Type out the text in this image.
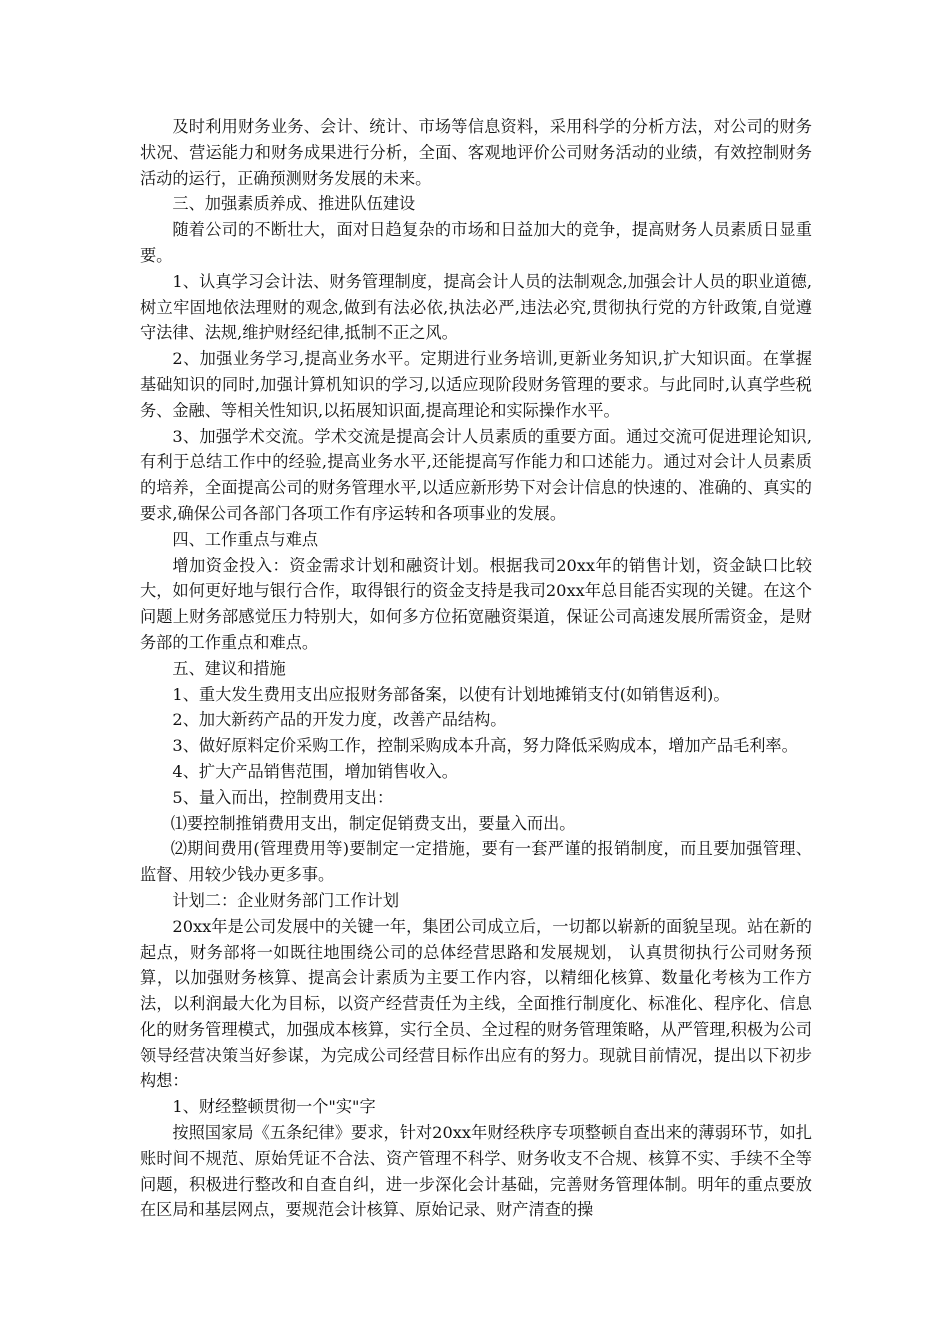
及时利用财务业务、会计、统计、市场等信息资料，采用科学的分析方法，对公司的财务状况、营运能力和财务成果进行分析，全面、客观地评价公司财务活动的业绩，有效控制财务活动的运行，正确预测财务发展的未来。

三、加强素质养成、推进队伍建设

随着公司的不断壮大，面对日趋复杂的市场和日益加大的竞争，提高财务人员素质日显重要。

1、认真学习会计法、财务管理制度，提高会计人员的法制观念,加强会计人员的职业道德,树立牢固地依法理财的观念,做到有法必依,执法必严,违法必究,贯彻执行党的方针政策,自觉遵守法律、法规,维护财经纪律,抵制不正之风。

2、加强业务学习,提高业务水平。定期进行业务培训,更新业务知识,扩大知识面。在掌握基础知识的同时,加强计算机知识的学习,以适应现阶段财务管理的要求。与此同时,认真学些税务、金融、等相关性知识,以拓展知识面,提高理论和实际操作水平。

3、加强学术交流。学术交流是提高会计人员素质的重要方面。通过交流可促进理论知识,有利于总结工作中的经验,提高业务水平,还能提高写作能力和口述能力。通过对会计人员素质的培养，全面提高公司的财务管理水平,以适应新形势下对会计信息的快速的、准确的、真实的要求,确保公司各部门各项工作有序运转和各项事业的发展。

四、工作重点与难点

增加资金投入：资金需求计划和融资计划。根据我司20xx年的销售计划，资金缺口比较大，如何更好地与银行合作，取得银行的资金支持是我司20xx年总目能否实现的关键。在这个问题上财务部感觉压力特别大，如何多方位拓宽融资渠道，保证公司高速发展所需资金，是财务部的工作重点和难点。

五、建议和措施

1、重大发生费用支出应报财务部备案，以使有计划地摊销支付(如销售返利)。

2、加大新药产品的开发力度，改善产品结构。

3、做好原料定价采购工作，控制采购成本升高，努力降低采购成本，增加产品毛利率。

4、扩大产品销售范围，增加销售收入。

5、量入而出，控制费用支出：

⑴要控制推销费用支出，制定促销费支出，要量入而出。

⑵期间费用(管理费用等)要制定一定措施，要有一套严谨的报销制度，而且要加强管理、监督、用较少钱办更多事。

计划二：企业财务部门工作计划

20xx年是公司发展中的关键一年，集团公司成立后，一切都以崭新的面貌呈现。站在新的起点，财务部将一如既往地围绕公司的总体经营思路和发展规划， 认真贯彻执行公司财务预算，以加强财务核算、提高会计素质为主要工作内容，以精细化核算、数量化考核为工作方法，以利润最大化为目标，以资产经营责任为主线，全面推行制度化、标准化、程序化、信息化的财务管理模式，加强成本核算，实行全员、全过程的财务管理策略，从严管理,积极为公司领导经营决策当好参谋，为完成公司经营目标作出应有的努力。现就目前情况，提出以下初步构想：

1、财经整顿贯彻一个"实"字

按照国家局《五条纪律》要求，针对20xx年财经秩序专项整顿自查出来的薄弱环节，如扎账时间不规范、原始凭证不合法、资产管理不科学、财务收支不合规、核算不实、手续不全等问题，积极进行整改和自查自纠，进一步深化会计基础，完善财务管理体制。明年的重点要放在区局和基层网点，要规范会计核算、原始记录、财产清查的操
